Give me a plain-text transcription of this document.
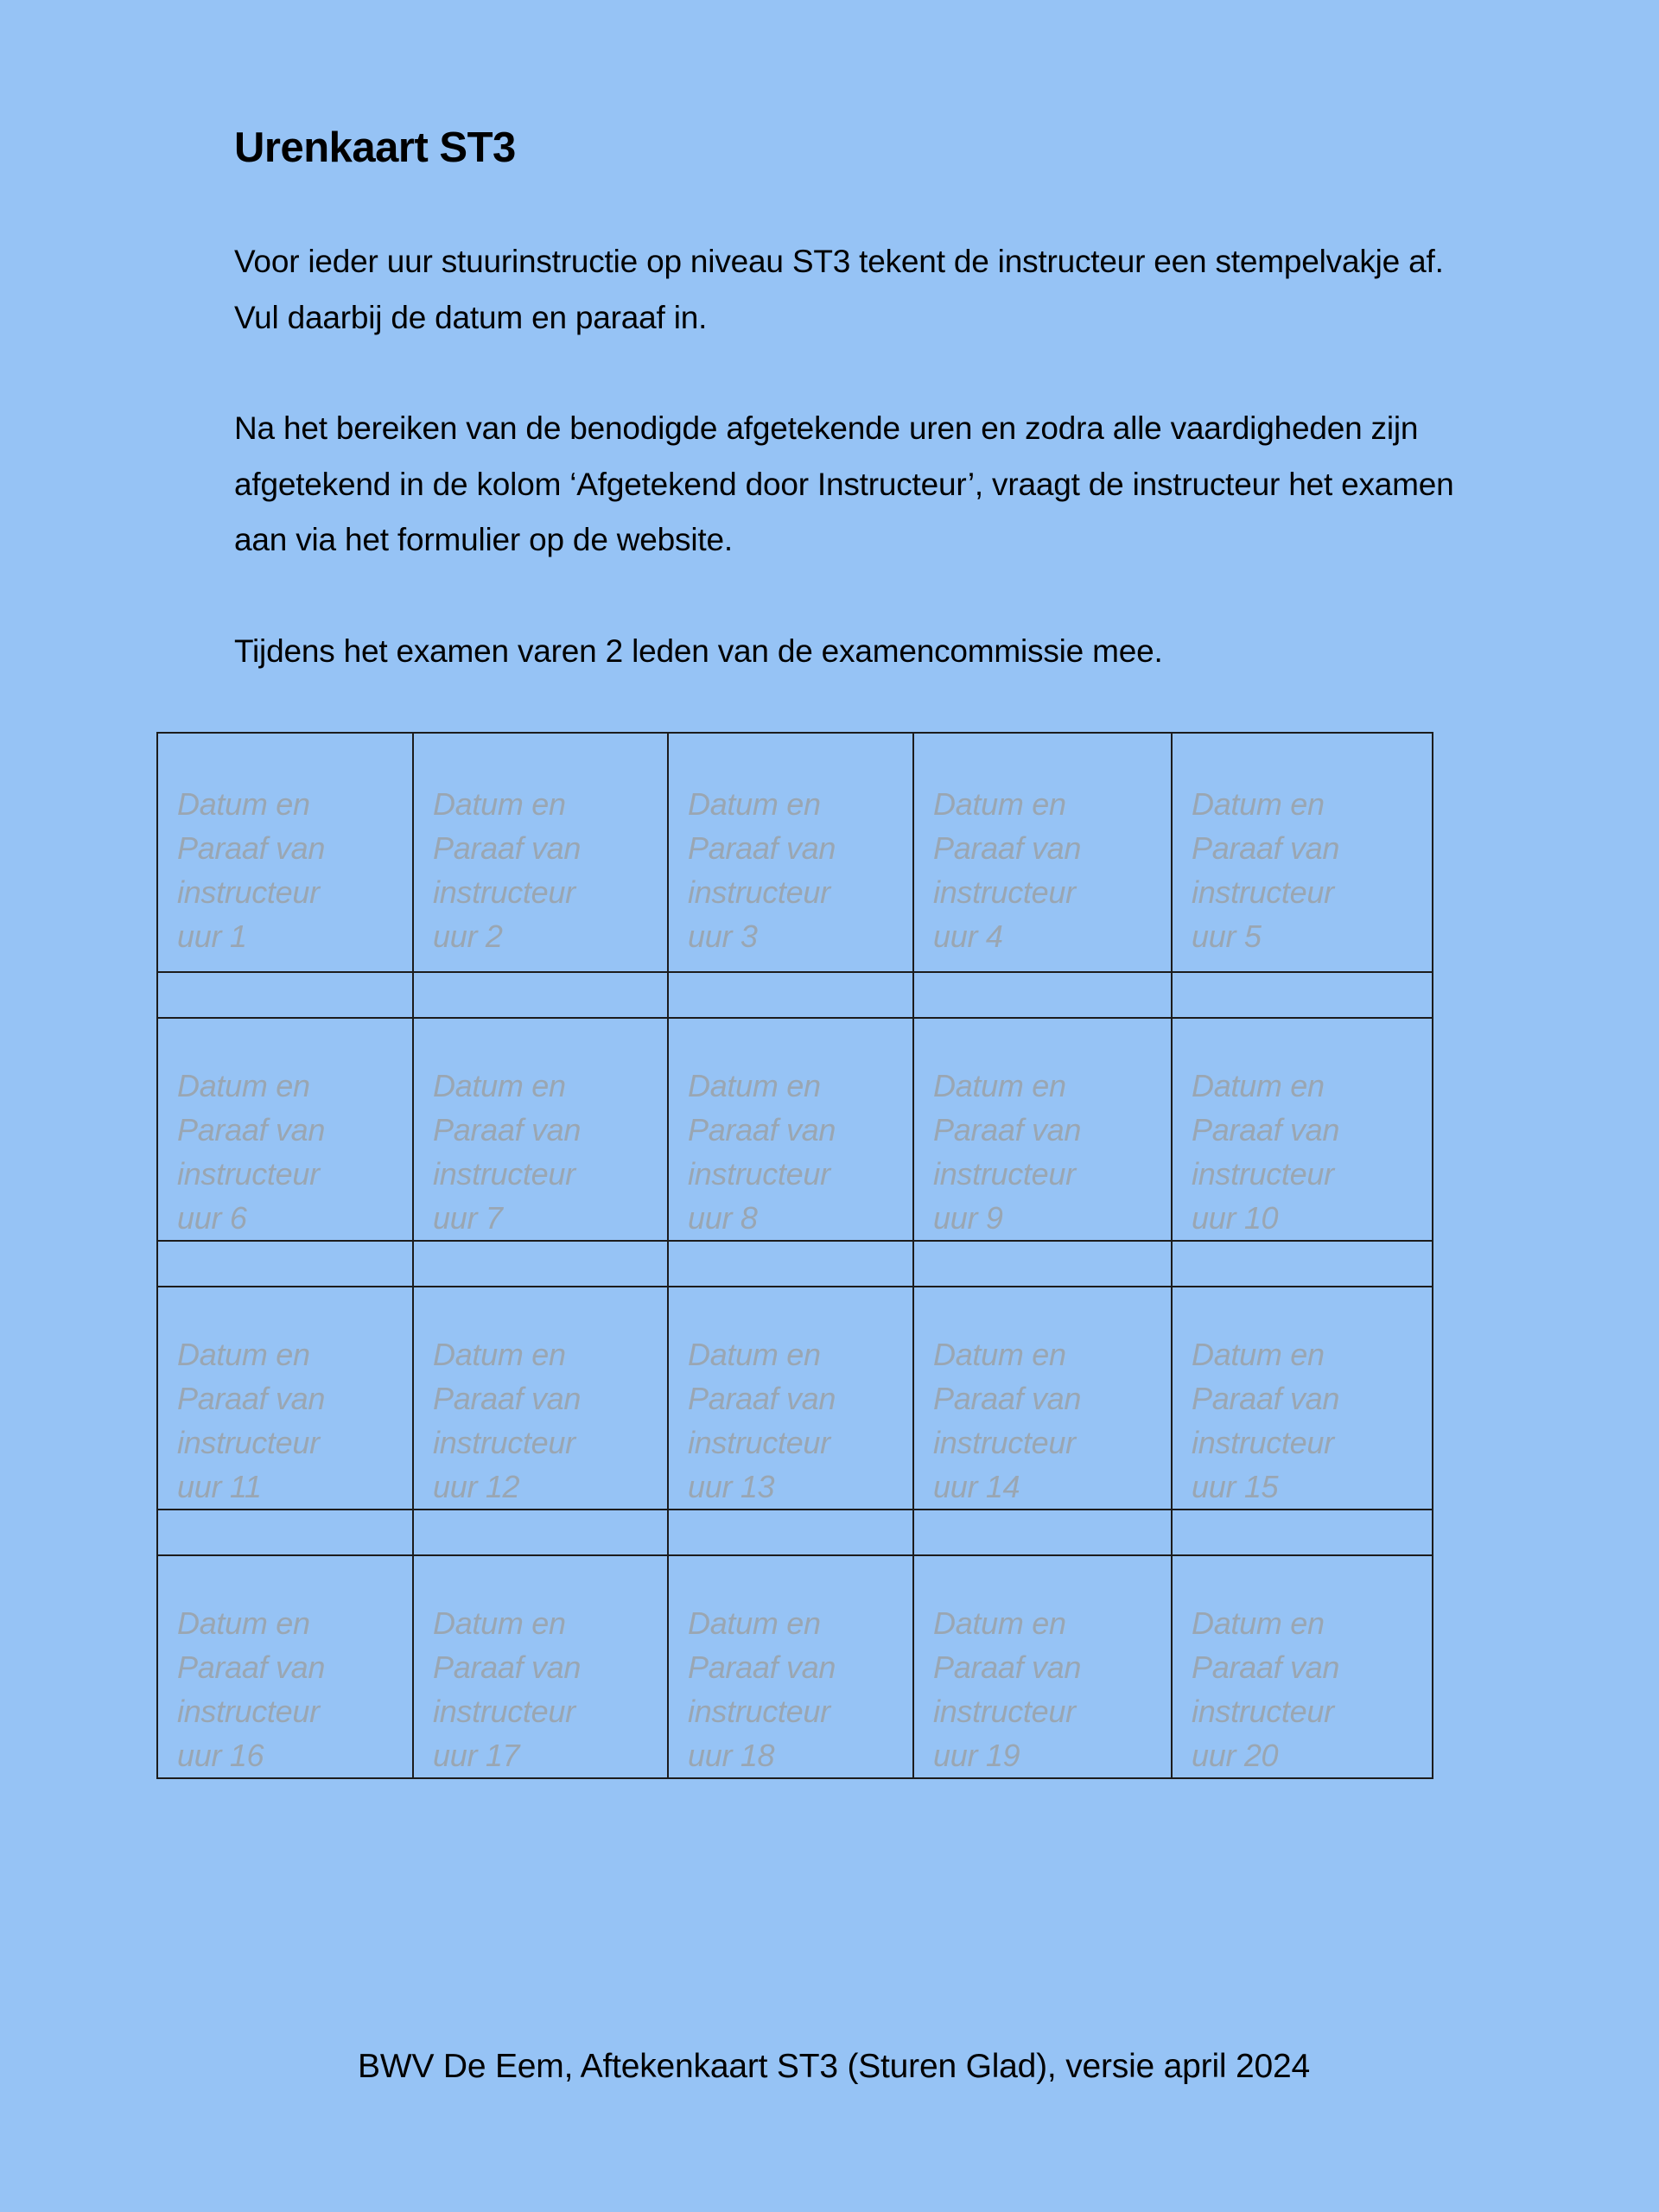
Urenkaart ST3

Voor ieder uur stuurinstructie op niveau ST3 tekent de instructeur een stempelvakje af. Vul daarbij de datum en paraaf in.

Na het bereiken van de benodigde afgetekende uren en zodra alle vaardigheden zijn afgetekend in de kolom ‘Afgetekend door Instructeur’, vraagt de instructeur het examen aan via het formulier op de website.

Tijdens het examen varen 2 leden van de examencommissie mee.

Datum en
Paraaf van
instructeur
uur 1	Datum en
Paraaf van
instructeur
uur 2	Datum en
Paraaf van
instructeur
uur 3	Datum en
Paraaf van
instructeur
uur 4	Datum en
Paraaf van
instructeur
uur 5

Datum en
Paraaf van
instructeur
uur 6	Datum en
Paraaf van
instructeur
uur 7	Datum en
Paraaf van
instructeur
uur 8	Datum en
Paraaf van
instructeur
uur 9	Datum en
Paraaf van
instructeur
uur 10

Datum en
Paraaf van
instructeur
uur 11	Datum en
Paraaf van
instructeur
uur 12	Datum en
Paraaf van
instructeur
uur 13	Datum en
Paraaf van
instructeur
uur 14	Datum en
Paraaf van
instructeur
uur 15

Datum en
Paraaf van
instructeur
uur 16	Datum en
Paraaf van
instructeur
uur 17	Datum en
Paraaf van
instructeur
uur 18	Datum en
Paraaf van
instructeur
uur 19	Datum en
Paraaf van
instructeur
uur 20

BWV De Eem, Aftekenkaart ST3 (Sturen Glad), versie april 2024
